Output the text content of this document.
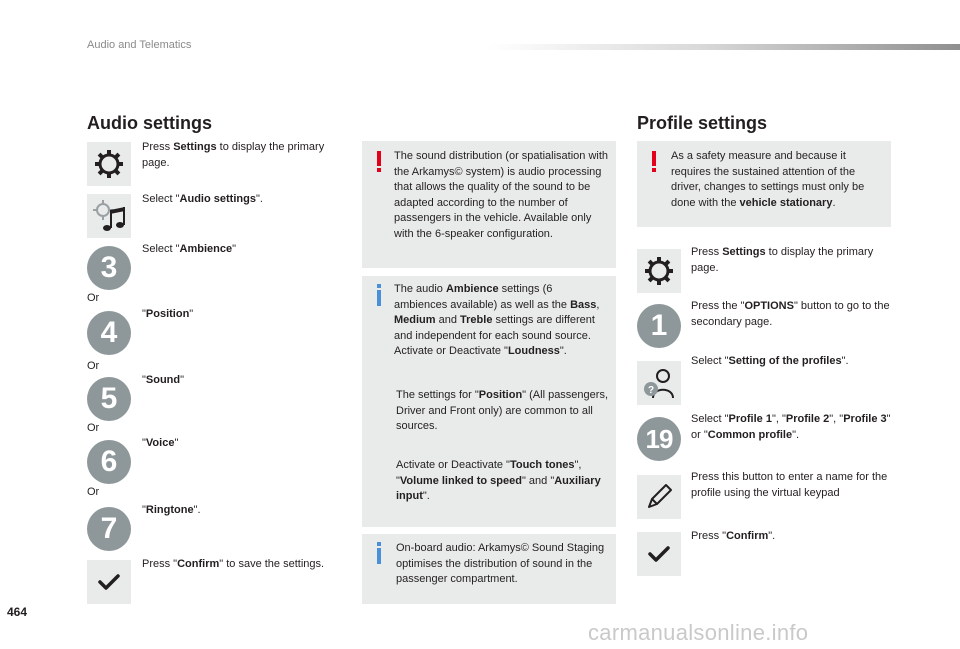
Audio and Telematics
Audio settings
Press Settings to display the primary page.
Select "Audio settings".
3
Select "Ambience"
Or
4
"Position"
Or
5
"Sound"
Or
6
"Voice"
Or
7
"Ringtone".
Press "Confirm" to save the settings.
The sound distribution (or spatialisation with the Arkamys© system) is audio processing that allows the quality of the sound to be adapted according to the number of passengers in the vehicle. Available only with the 6-speaker configuration.
The audio Ambience settings (6 ambiences available) as well as the Bass, Medium and Treble settings are different and independent for each sound source.
Activate or Deactivate "Loudness".
The settings for "Position" (All passengers, Driver and Front only) are common to all sources.
Activate or Deactivate "Touch tones", "Volume linked to speed" and "Auxiliary input".
On-board audio: Arkamys© Sound Staging optimises the distribution of sound in the passenger compartment.
Profile settings
As a safety measure and because it requires the sustained attention of the driver, changes to settings must only be done with the vehicle stationary.
Press Settings to display the primary page.
1
Press the "OPTIONS" button to go to the secondary page.
?
Select "Setting of the profiles".
19
Select "Profile 1", "Profile 2", "Profile 3" or "Common profile".
Press this button to enter a name for the profile using the virtual keypad
Press "Confirm".
464
carmanualsonline.info
